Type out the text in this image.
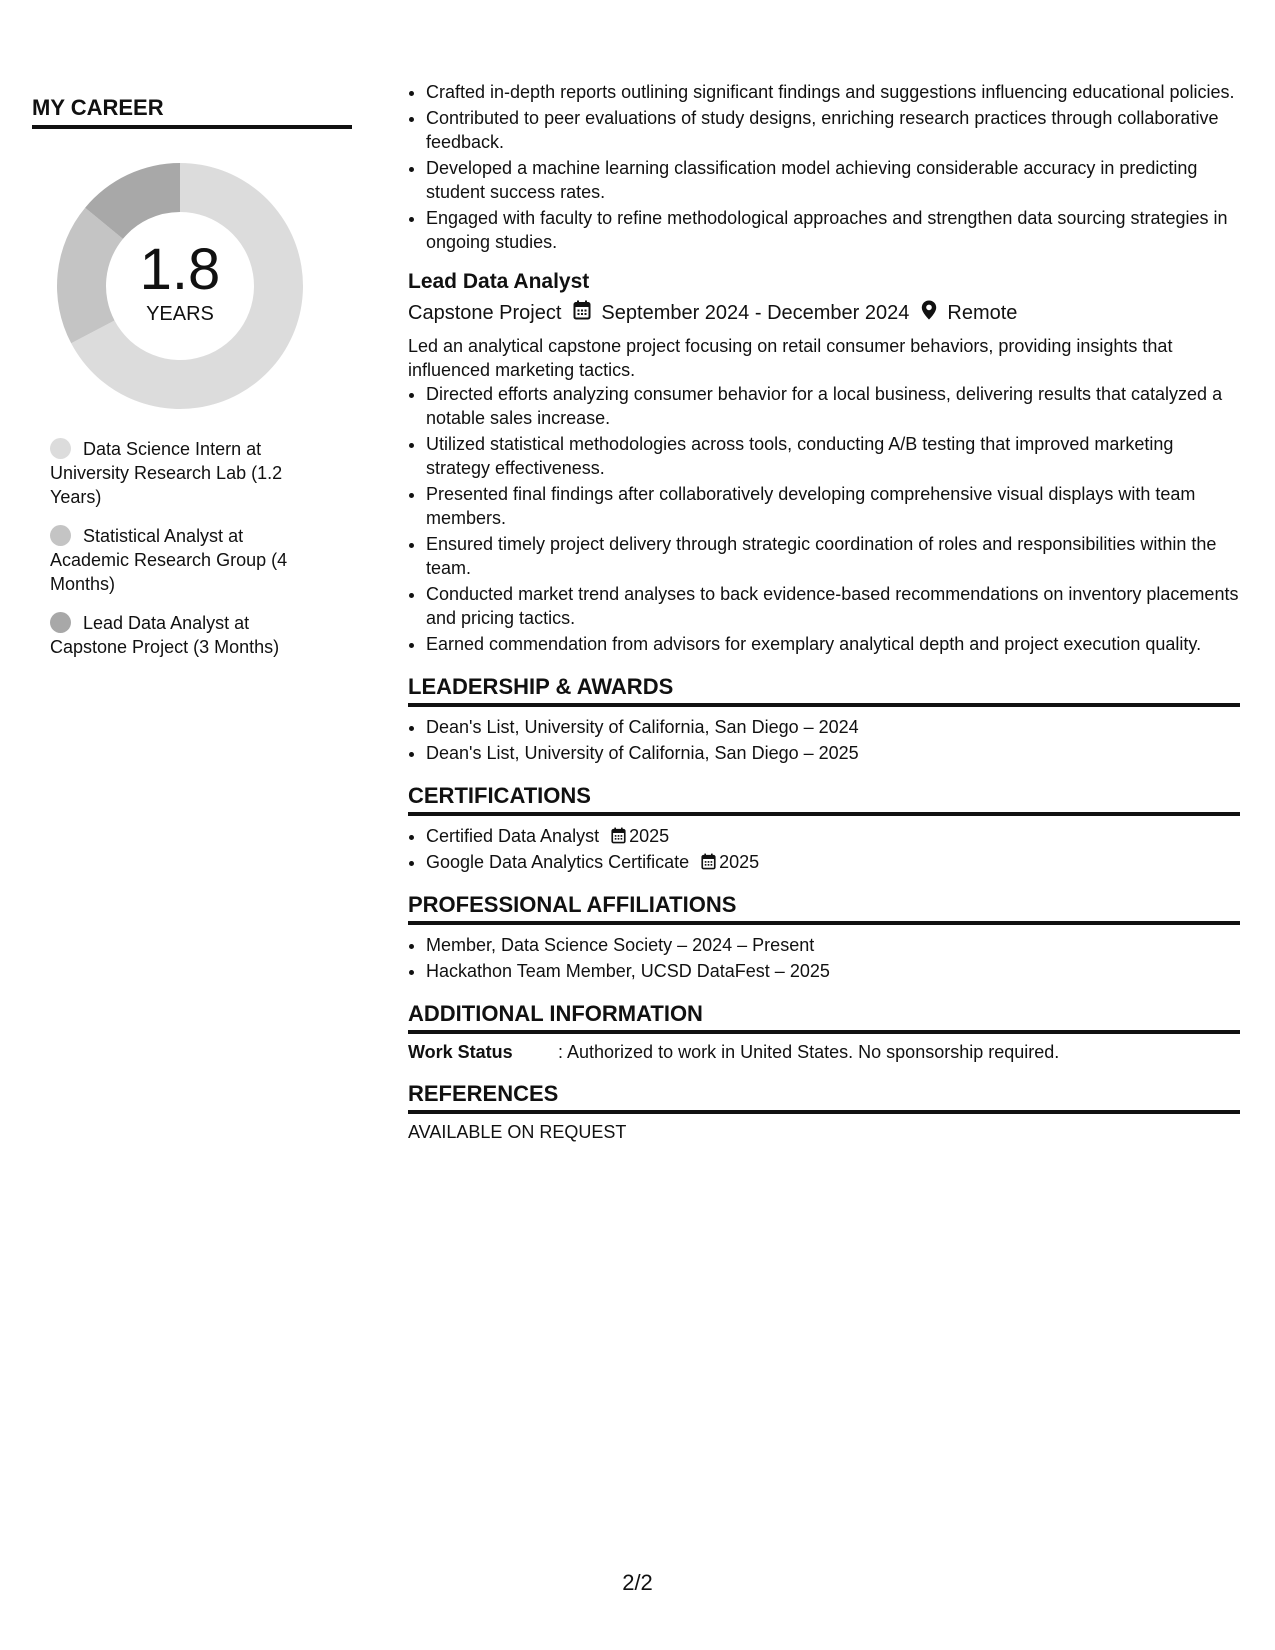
MY CAREER
1.8
YEARS
Data Science Intern at University Research Lab (1.2 Years)
Statistical Analyst at Academic Research Group (4 Months)
Lead Data Analyst at Capstone Project (3 Months)
• Crafted in-depth reports outlining significant findings and suggestions influencing educational policies.
• Contributed to peer evaluations of study designs, enriching research practices through collaborative feedback.
• Developed a machine learning classification model achieving considerable accuracy in predicting student success rates.
• Engaged with faculty to refine methodological approaches and strengthen data sourcing strategies in ongoing studies.
Lead Data Analyst
Capstone Project September 2024 - December 2024 Remote

Led an analytical capstone project focusing on retail consumer behaviors, providing insights that influenced marketing tactics.

• Directed efforts analyzing consumer behavior for a local business, delivering results that catalyzed a notable sales increase.
• Utilized statistical methodologies across tools, conducting A/B testing that improved marketing strategy effectiveness.
• Presented final findings after collaboratively developing comprehensive visual displays with team members.
• Ensured timely project delivery through strategic coordination of roles and responsibilities within the team.
• Conducted market trend analyses to back evidence-based recommendations on inventory placements and pricing tactics.
• Earned commendation from advisors for exemplary analytical depth and project execution quality.
LEADERSHIP & AWARDS
• Dean's List, University of California, San Diego – 2024
• Dean's List, University of California, San Diego – 2025
CERTIFICATIONS
• Certified Data Analyst 2025
• Google Data Analytics Certificate 2025
PROFESSIONAL AFFILIATIONS
• Member, Data Science Society – 2024 – Present
• Hackathon Team Member, UCSD DataFest – 2025
ADDITIONAL INFORMATION
Work Status	: Authorized to work in United States. No sponsorship required.
REFERENCES
AVAILABLE ON REQUEST
2/2
